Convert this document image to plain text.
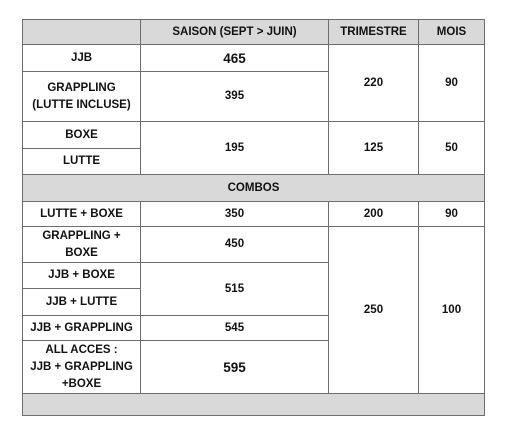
	SAISON (SEPT > JUIN)	TRIMESTRE	MOIS
JJB	465	220	90

GRAPPLING
(LUTTE INCLUSE)	395		
BOXE	195	125	50
LUTTE			
COMBOS			
LUTTE + BOXE	350	200	90

GRAPPLING +
BOXE	450	250	100
JJB + BOXE	515		
JJB + LUTTE			
JJB + GRAPPLING	545		

ALL ACCES :
JJB + GRAPPLING
+BOXE	595		
